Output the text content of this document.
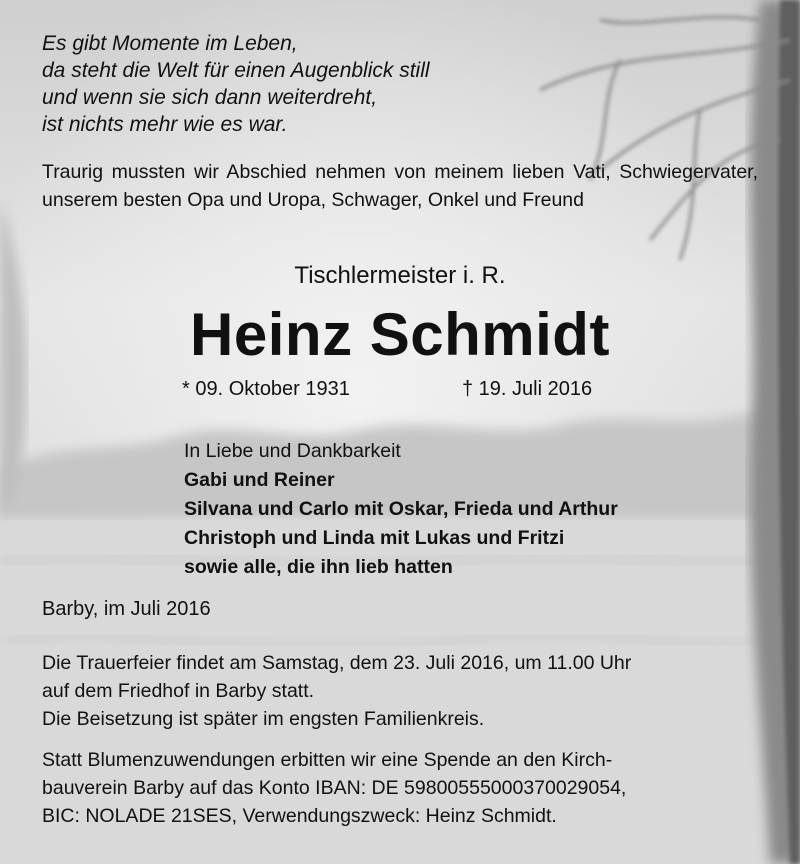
Es gibt Momente im Leben,
da steht die Welt für einen Augenblick still
und wenn sie sich dann weiterdreht,
ist nichts mehr wie es war.

Traurig mussten wir Abschied nehmen von meinem lieben Vati, Schwiegervater, unserem besten Opa und Uropa, Schwager, Onkel und Freund

Tischlermeister i. R.

Heinz Schmidt

* 09. Oktober 1931	† 19. Juli 2016

In Liebe und Dankbarkeit
Gabi und Reiner
Silvana und Carlo mit Oskar, Frieda und Arthur
Christoph und Linda mit Lukas und Fritzi
sowie alle, die ihn lieb hatten

Barby, im Juli 2016

Die Trauerfeier findet am Samstag, dem 23. Juli 2016, um 11.00 Uhr
auf dem Friedhof in Barby statt.
Die Beisetzung ist später im engsten Familienkreis.
Statt Blumenzuwendungen erbitten wir eine Spende an den Kirch-
bauverein Barby auf das Konto IBAN: DE 59800555000370029054,
BIC: NOLADE 21SES, Verwendungszweck: Heinz Schmidt.
